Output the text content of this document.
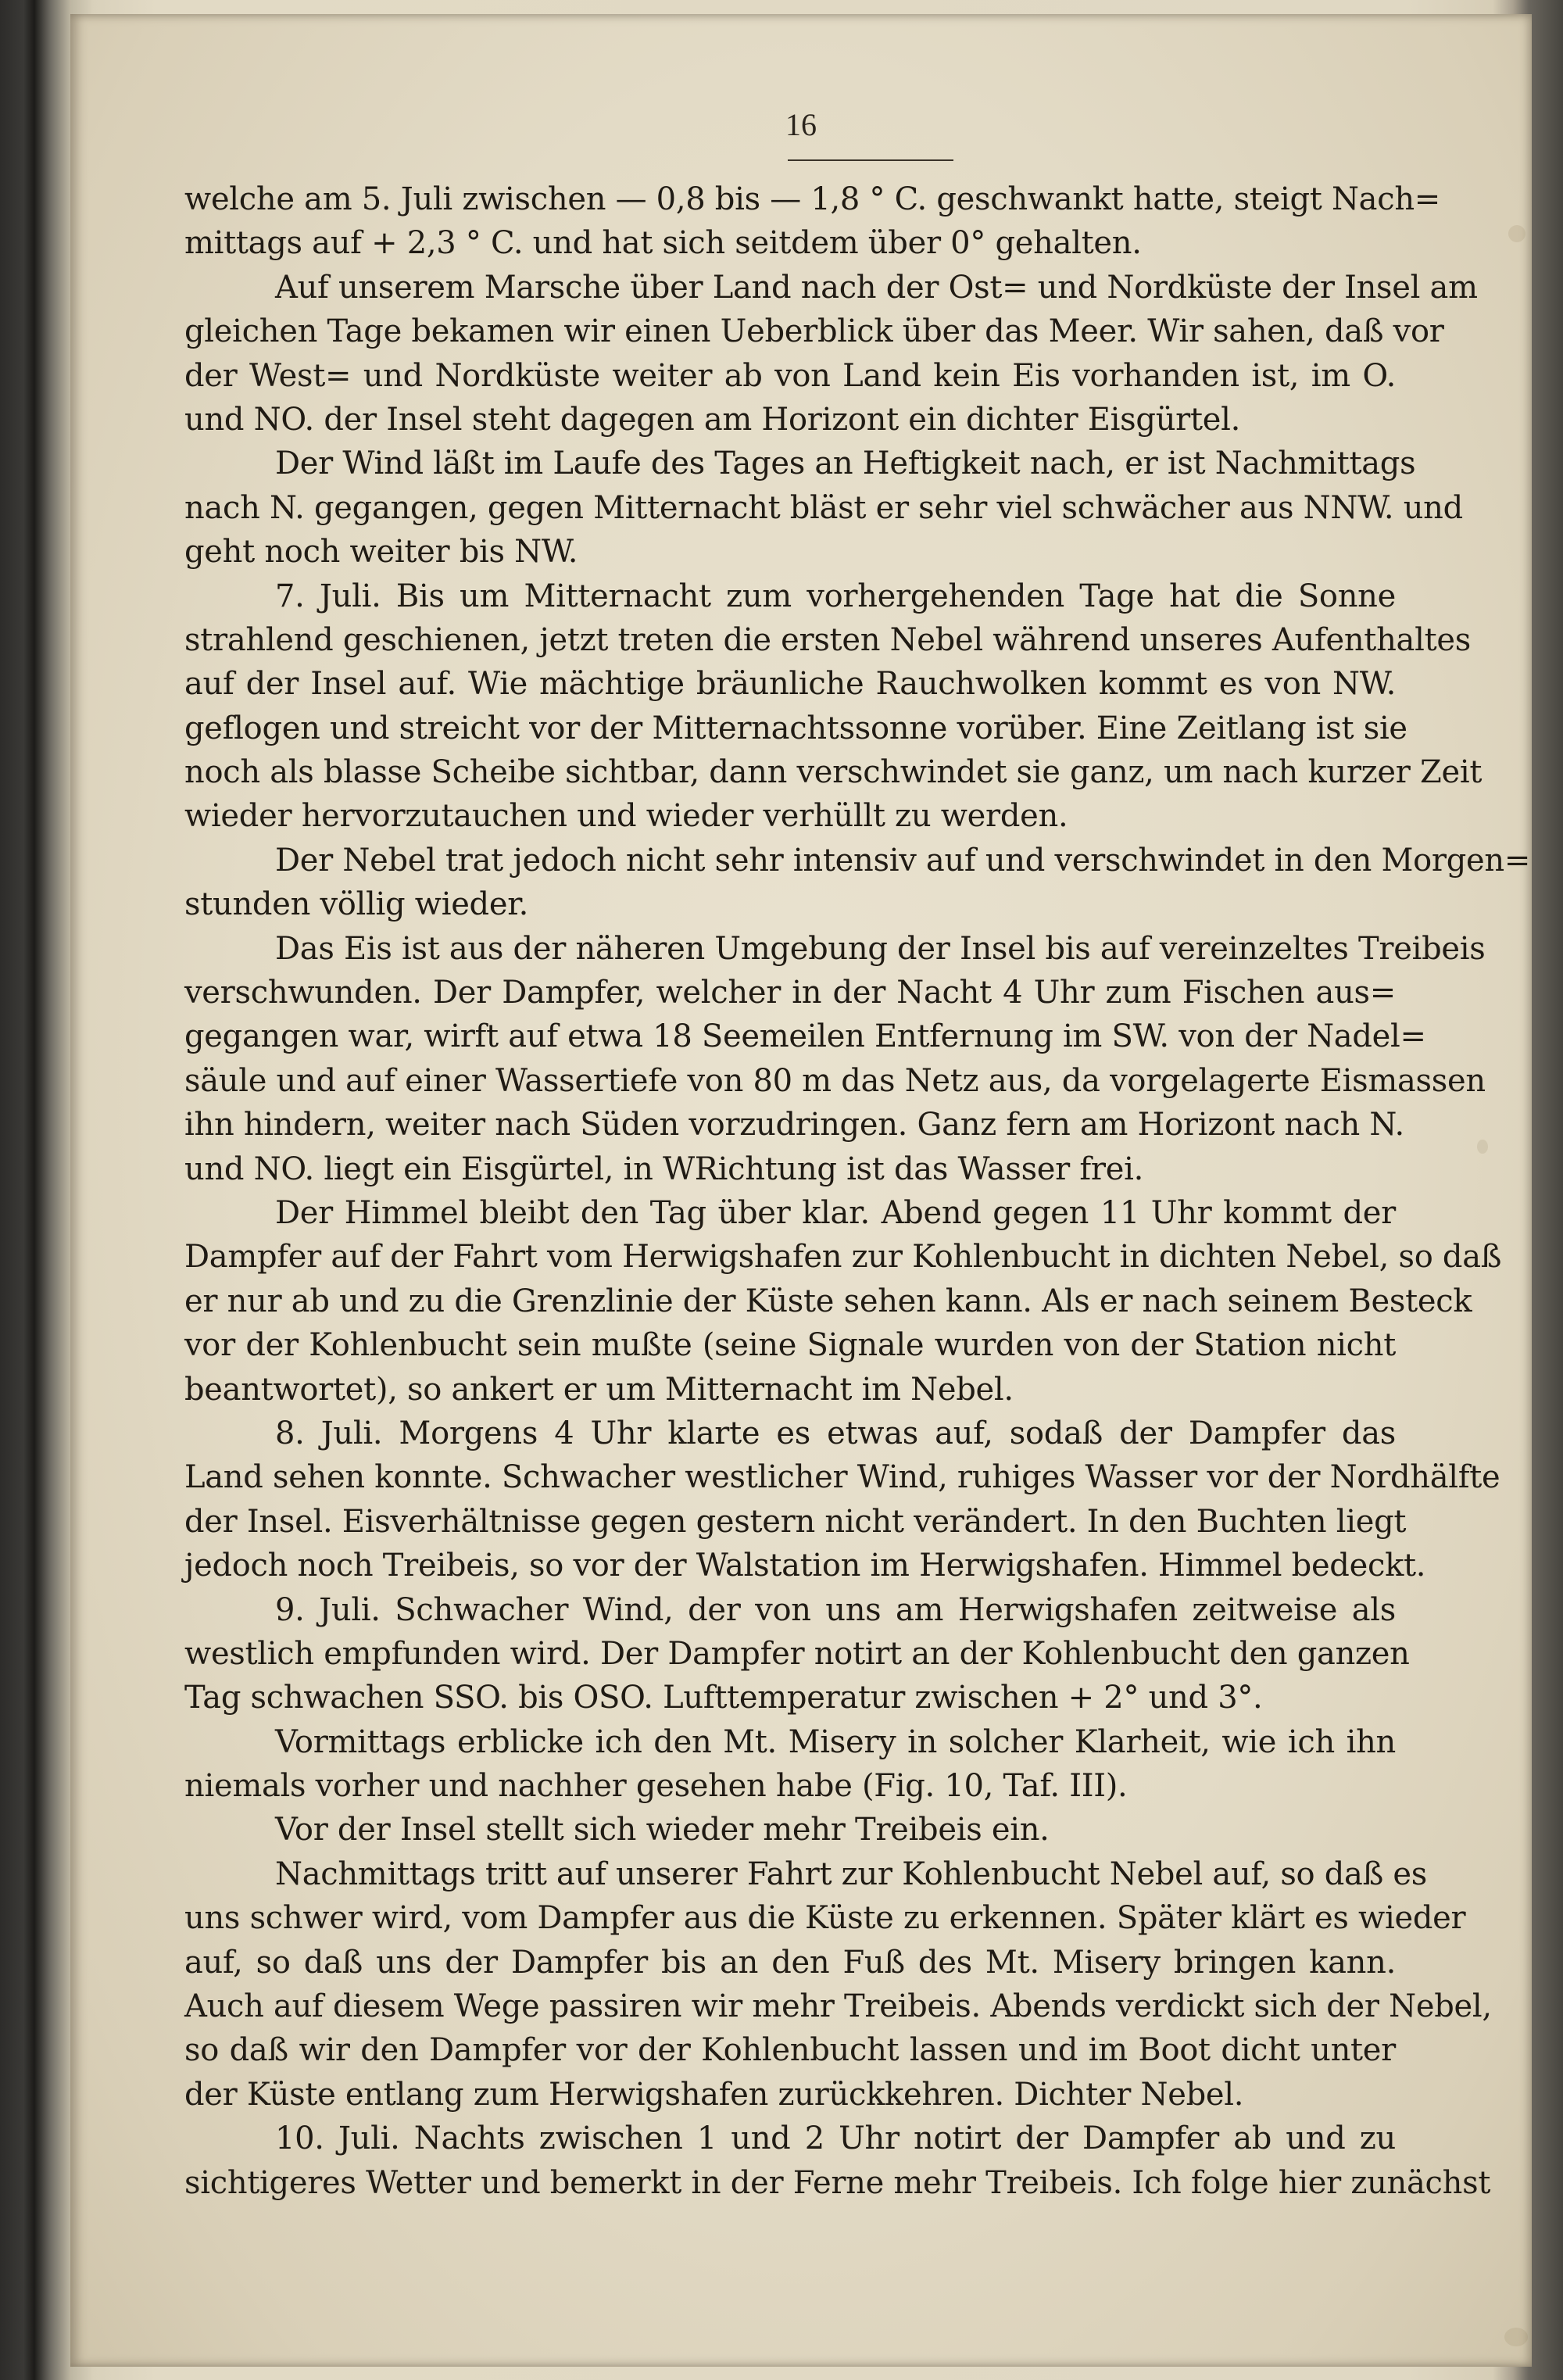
16
welche am 5. Juli zwischen — 0,8 bis — 1,8 ° C. geschwankt hatte, steigt Nach=
mittags auf + 2,3 ° C. und hat sich seitdem über 0° gehalten.
Auf unserem Marsche über Land nach der Ost= und Nordküste der Insel am
gleichen Tage bekamen wir einen Ueberblick über das Meer. Wir sahen, daß vor
der West= und Nordküste weiter ab von Land kein Eis vorhanden ist, im O.
und NO. der Insel steht dagegen am Horizont ein dichter Eisgürtel.
Der Wind läßt im Laufe des Tages an Heftigkeit nach, er ist Nachmittags
nach N. gegangen, gegen Mitternacht bläst er sehr viel schwächer aus NNW. und
geht noch weiter bis NW.
7. Juli. Bis um Mitternacht zum vorhergehenden Tage hat die Sonne
strahlend geschienen, jetzt treten die ersten Nebel während unseres Aufenthaltes
auf der Insel auf. Wie mächtige bräunliche Rauchwolken kommt es von NW.
geflogen und streicht vor der Mitternachtssonne vorüber. Eine Zeitlang ist sie
noch als blasse Scheibe sichtbar, dann verschwindet sie ganz, um nach kurzer Zeit
wieder hervorzutauchen und wieder verhüllt zu werden.
Der Nebel trat jedoch nicht sehr intensiv auf und verschwindet in den Morgen=
stunden völlig wieder.
Das Eis ist aus der näheren Umgebung der Insel bis auf vereinzeltes Treibeis
verschwunden. Der Dampfer, welcher in der Nacht 4 Uhr zum Fischen aus=
gegangen war, wirft auf etwa 18 Seemeilen Entfernung im SW. von der Nadel=
säule und auf einer Wassertiefe von 80 m das Netz aus, da vorgelagerte Eismassen
ihn hindern, weiter nach Süden vorzudringen. Ganz fern am Horizont nach N.
und NO. liegt ein Eisgürtel, in WRichtung ist das Wasser frei.
Der Himmel bleibt den Tag über klar. Abend gegen 11 Uhr kommt der
Dampfer auf der Fahrt vom Herwigshafen zur Kohlenbucht in dichten Nebel, so daß
er nur ab und zu die Grenzlinie der Küste sehen kann. Als er nach seinem Besteck
vor der Kohlenbucht sein mußte (seine Signale wurden von der Station nicht
beantwortet), so ankert er um Mitternacht im Nebel.
8. Juli. Morgens 4 Uhr klarte es etwas auf, sodaß der Dampfer das
Land sehen konnte. Schwacher westlicher Wind, ruhiges Wasser vor der Nordhälfte
der Insel. Eisverhältnisse gegen gestern nicht verändert. In den Buchten liegt
jedoch noch Treibeis, so vor der Walstation im Herwigshafen. Himmel bedeckt.
9. Juli. Schwacher Wind, der von uns am Herwigshafen zeitweise als
westlich empfunden wird. Der Dampfer notirt an der Kohlenbucht den ganzen
Tag schwachen SSO. bis OSO. Lufttemperatur zwischen + 2° und 3°.
Vormittags erblicke ich den Mt. Misery in solcher Klarheit, wie ich ihn
niemals vorher und nachher gesehen habe (Fig. 10, Taf. III).
Vor der Insel stellt sich wieder mehr Treibeis ein.
Nachmittags tritt auf unserer Fahrt zur Kohlenbucht Nebel auf, so daß es
uns schwer wird, vom Dampfer aus die Küste zu erkennen. Später klärt es wieder
auf, so daß uns der Dampfer bis an den Fuß des Mt. Misery bringen kann.
Auch auf diesem Wege passiren wir mehr Treibeis. Abends verdickt sich der Nebel,
so daß wir den Dampfer vor der Kohlenbucht lassen und im Boot dicht unter
der Küste entlang zum Herwigshafen zurückkehren. Dichter Nebel.
10. Juli. Nachts zwischen 1 und 2 Uhr notirt der Dampfer ab und zu
sichtigeres Wetter und bemerkt in der Ferne mehr Treibeis. Ich folge hier zunächst
